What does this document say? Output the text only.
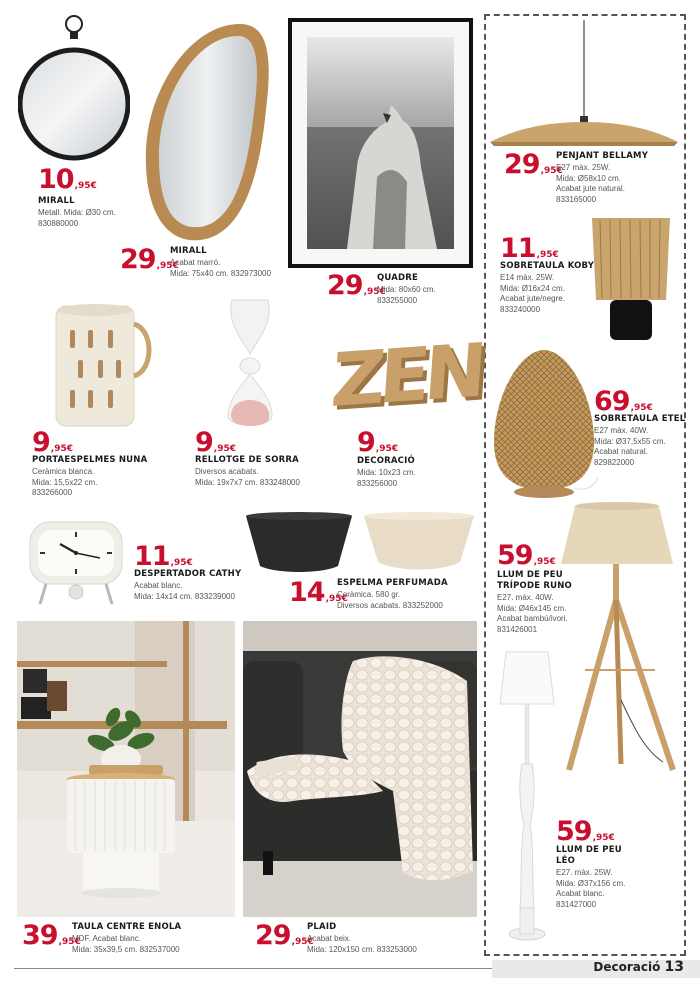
10,95€
MIRALL
Metall. Mida: Ø30 cm.
830880000
29,95€
MIRALL
Acabat marró.
Mida: 75x40 cm. 832973000 29,95€
QUADRE
Mida: 80x60 cm.
833255000
29,95€
PENJANT BELLAMY
E27 màx. 25W.
Mida: Ø58x10 cm.
Acabat jute natural.
833165000
11,95€
SOBRETAULA KOBY
E14 màx. 25W.
Mida: Ø16x24 cm.
Acabat jute/negre.
833240000
9,95€
PORTAESPELMES NUNA
Ceràmica blanca.
Mida: 15,5x22 cm.
833266000
9,95€
RELLOTGE DE SORRA
Diversos acabats.
Mida: 19x7x7 cm. 833248000
ZEN
9,95€
DECORACIÓ
Mida: 10x23 cm.
833256000
69,95€
SOBRETAULA ETEL
E27 màx. 40W.
Mida: Ø37,5x55 cm.
Acabat natural.
829822000
11,95€
DESPERTADOR CATHY
Acabat blanc.
Mida: 14x14 cm. 833239000 14,95€
ESPELMA PERFUMADA
Ceràmica. 580 gr.
Diversos acabats. 833252000
59,95€
LLUM DE PEU
TRÍPODE RUNO
E27. màx. 40W.
Mida: Ø46x145 cm.
Acabat bambú/ivori.
831426001
59,95€
LLUM DE PEU
LÉO
E27. màx. 25W.
Mida: Ø37x156 cm.
Acabat blanc.
831427000
39,95€
TAULA CENTRE ENOLA
MDF. Acabat blanc.
Mida: 35x39,5 cm. 832537000	29,95€
PLAID
Acabat beix.
Mida: 120x150 cm. 833253000
Decoració 13
